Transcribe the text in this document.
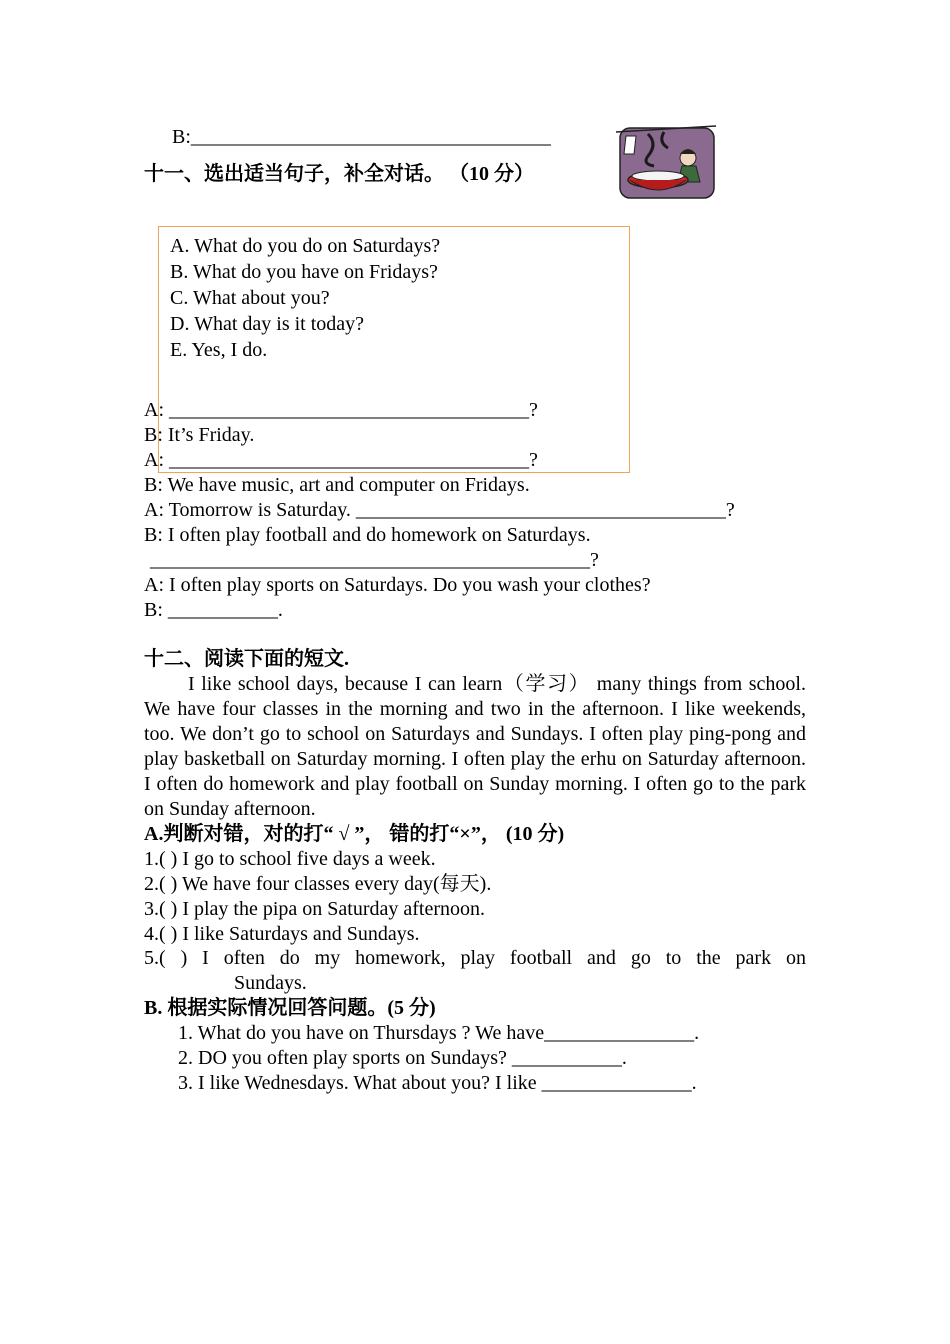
B:____________________________________
十一、选出适当句子，补全对话。 （10 分）
A. What do you do on Saturdays?
B. What do you have on Fridays?
C. What about you?
D. What day is it today?
E. Yes, I do.
A: ____________________________________?
B: It’s Friday.
A: ____________________________________?
B: We have music, art and computer on Fridays.
A: Tomorrow is Saturday. _____________________________________?
B: I often play football and do homework on Saturdays.
____________________________________________?
A: I often play sports on Saturdays. Do you wash your clothes?
B: ___________.
十二、阅读下面的短文.
I like school days, because I can learn（学习） many things from school. We have four classes in the morning and two in the afternoon. I like weekends, too. We don’t go to school on Saturdays and Sundays. I often play ping-pong and play basketball on Saturday morning. I often play the erhu on Saturday afternoon. I often do homework and play football on Sunday morning. I often go to the park on Sunday afternoon.
A.判断对错，对的打“ √ ”， 错的打“×”， (10 分)
1.( ) I go to school five days a week.
2.( ) We have four classes every day(每天).
3.( ) I play the pipa on Saturday afternoon.
4.( ) I like Saturdays and Sundays.
5.( ) I often do my homework, play football and go to the park on
Sundays.
B. 根据实际情况回答问题。(5 分)
1. What do you have on Thursdays ? We have_______________.
2. DO you often play sports on Sundays? ___________.
3. I like Wednesdays. What about you? I like _______________.
